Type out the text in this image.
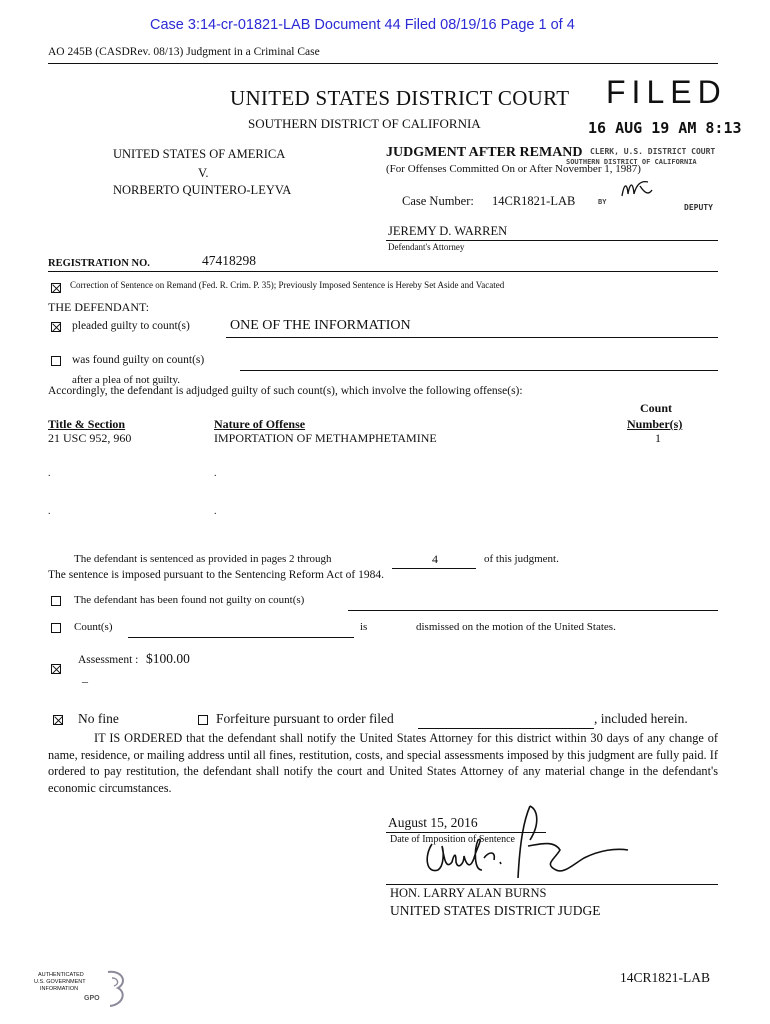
Case 3:14-cr-01821-LAB Document 44 Filed 08/19/16 Page 1 of 4
AO 245B (CASDRev. 08/13) Judgment in a Criminal Case
UNITED STATES DISTRICT COURT
SOUTHERN DISTRICT OF CALIFORNIA
FILED
16 AUG 19 AM 8:13
CLERK, U.S. DISTRICT COURT
SOUTHERN DISTRICT OF CALIFORNIA
BY
DEPUTY
UNITED STATES OF AMERICA
V.
NORBERTO QUINTERO-LEYVA
JUDGMENT AFTER REMAND
(For Offenses Committed On or After November 1, 1987)
Case Number: 14CR1821-LAB
JEREMY D. WARREN
Defendant's Attorney
REGISTRATION NO.	47418298
Correction of Sentence on Remand (Fed. R. Crim. P. 35); Previously Imposed Sentence is Hereby Set Aside and Vacated
THE DEFENDANT:
pleaded guilty to count(s)	ONE OF THE INFORMATION
was found guilty on count(s)
after a plea of not guilty.
Accordingly, the defendant is adjudged guilty of such count(s), which involve the following offense(s):
Title & Section	Nature of Offense
Count
Number(s)
21 USC 952, 960	IMPORTATION OF METHAMPHETAMINE	1
.	.
.	.
The defendant is sentenced as provided in pages 2 through	4	of this judgment.
The sentence is imposed pursuant to the Sentencing Reform Act of 1984.
The defendant has been found not guilty on count(s)
Count(s)	is	dismissed on the motion of the United States.
Assessment : $100.00
–
No fine	Forfeiture pursuant to order filed	, included herein.
IT IS ORDERED that the defendant shall notify the United States Attorney for this district within 30 days of any change of name, residence, or mailing address until all fines, restitution, costs, and special assessments imposed by this judgment are fully paid. If ordered to pay restitution, the defendant shall notify the court and United States Attorney of any material change in the defendant's economic circumstances.
August 15, 2016
Date of Imposition of Sentence
HON. LARRY ALAN BURNS
UNITED STATES DISTRICT JUDGE
AUTHENTICATED
U.S. GOVERNMENT
INFORMATION
GPO
14CR1821-LAB
